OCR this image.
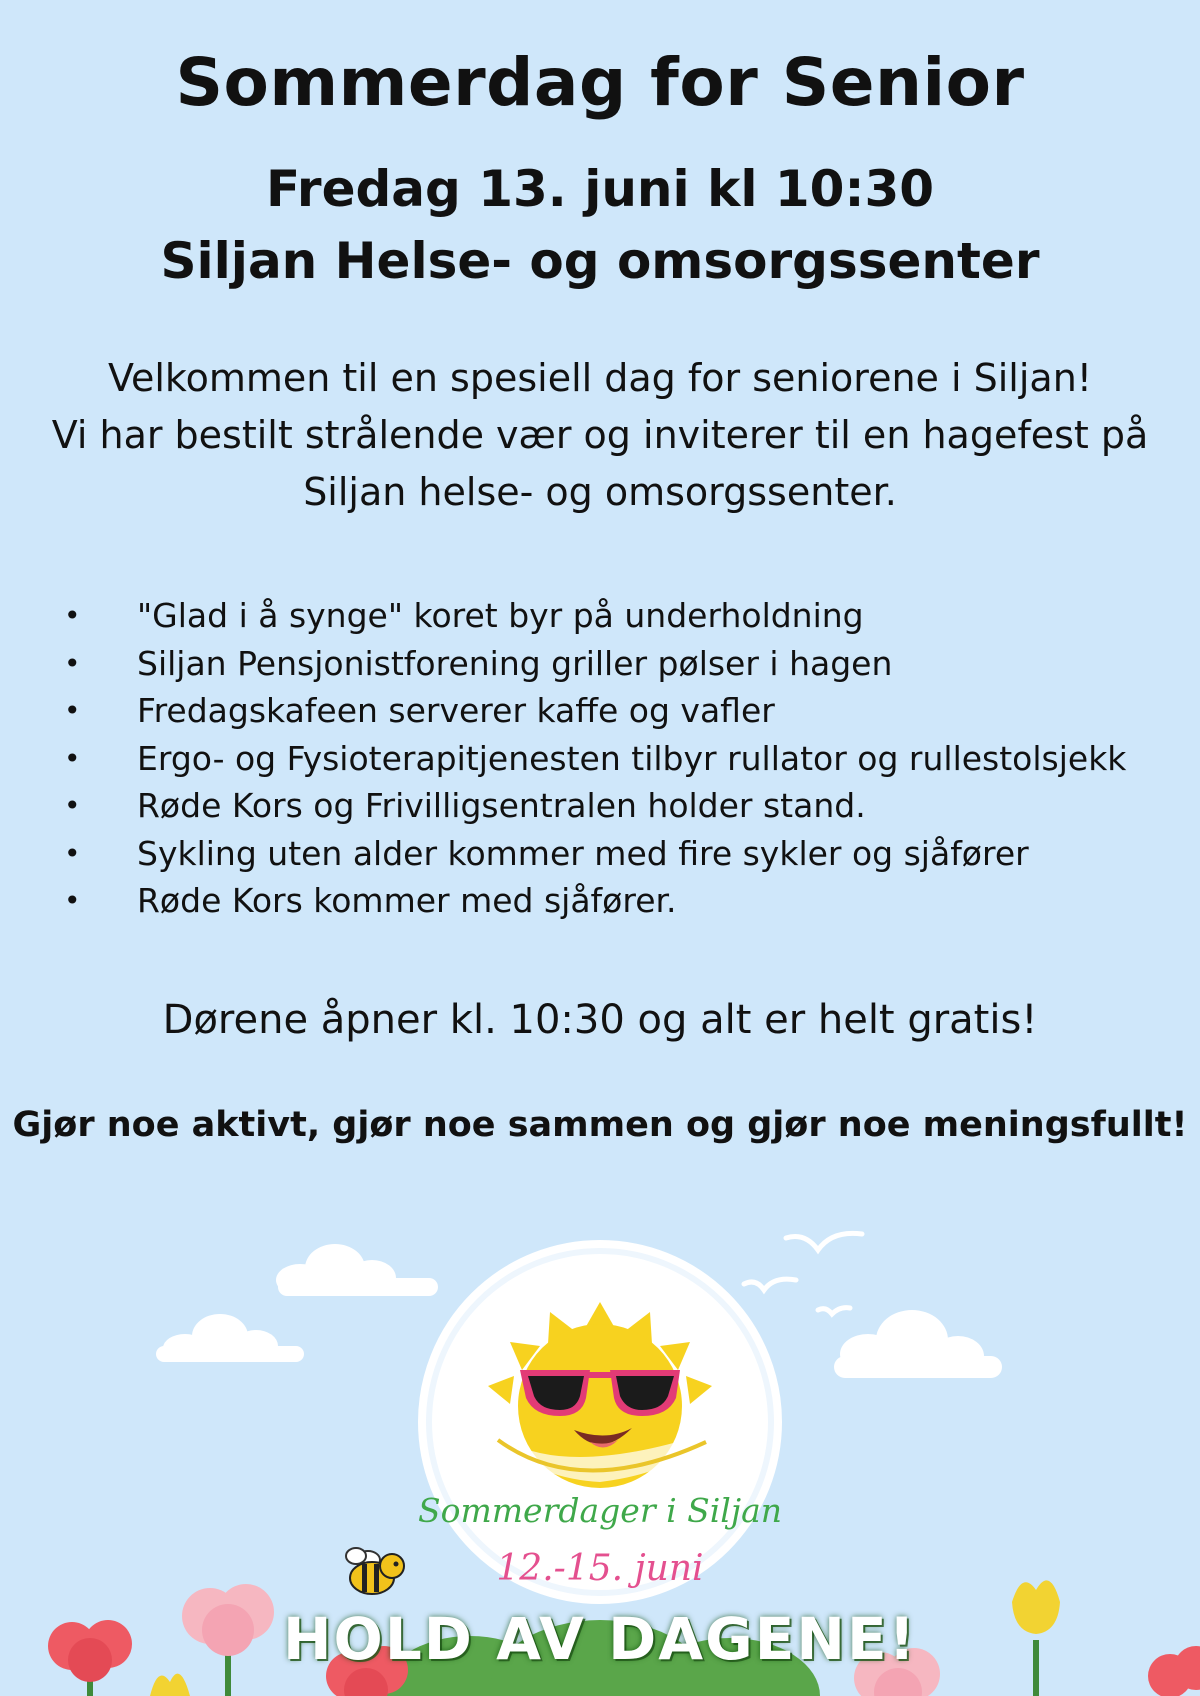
Sommerdag for Senior
Fredag 13. juni kl 10:30
Siljan Helse- og omsorgssenter
Velkommen til en spesiell dag for seniorene i Siljan!
Vi har bestilt strålende vær og inviterer til en hagefest på
Siljan helse- og omsorgssenter.
• "Glad i å synge" koret byr på underholdning
• Siljan Pensjonistforening griller pølser i hagen
• Fredagskafeen serverer kaffe og vafler
• Ergo- og Fysioterapitjenesten tilbyr rullator og rullestolsjekk
• Røde Kors og Frivilligsentralen holder stand.
• Sykling uten alder kommer med fire sykler og sjåfører
• Røde Kors kommer med sjåfører.
Dørene åpner kl. 10:30 og alt er helt gratis!
Gjør noe aktivt, gjør noe sammen og gjør noe meningsfullt!
Sommerdager i Siljan
12.-15. juni
HOLD AV DAGENE!
